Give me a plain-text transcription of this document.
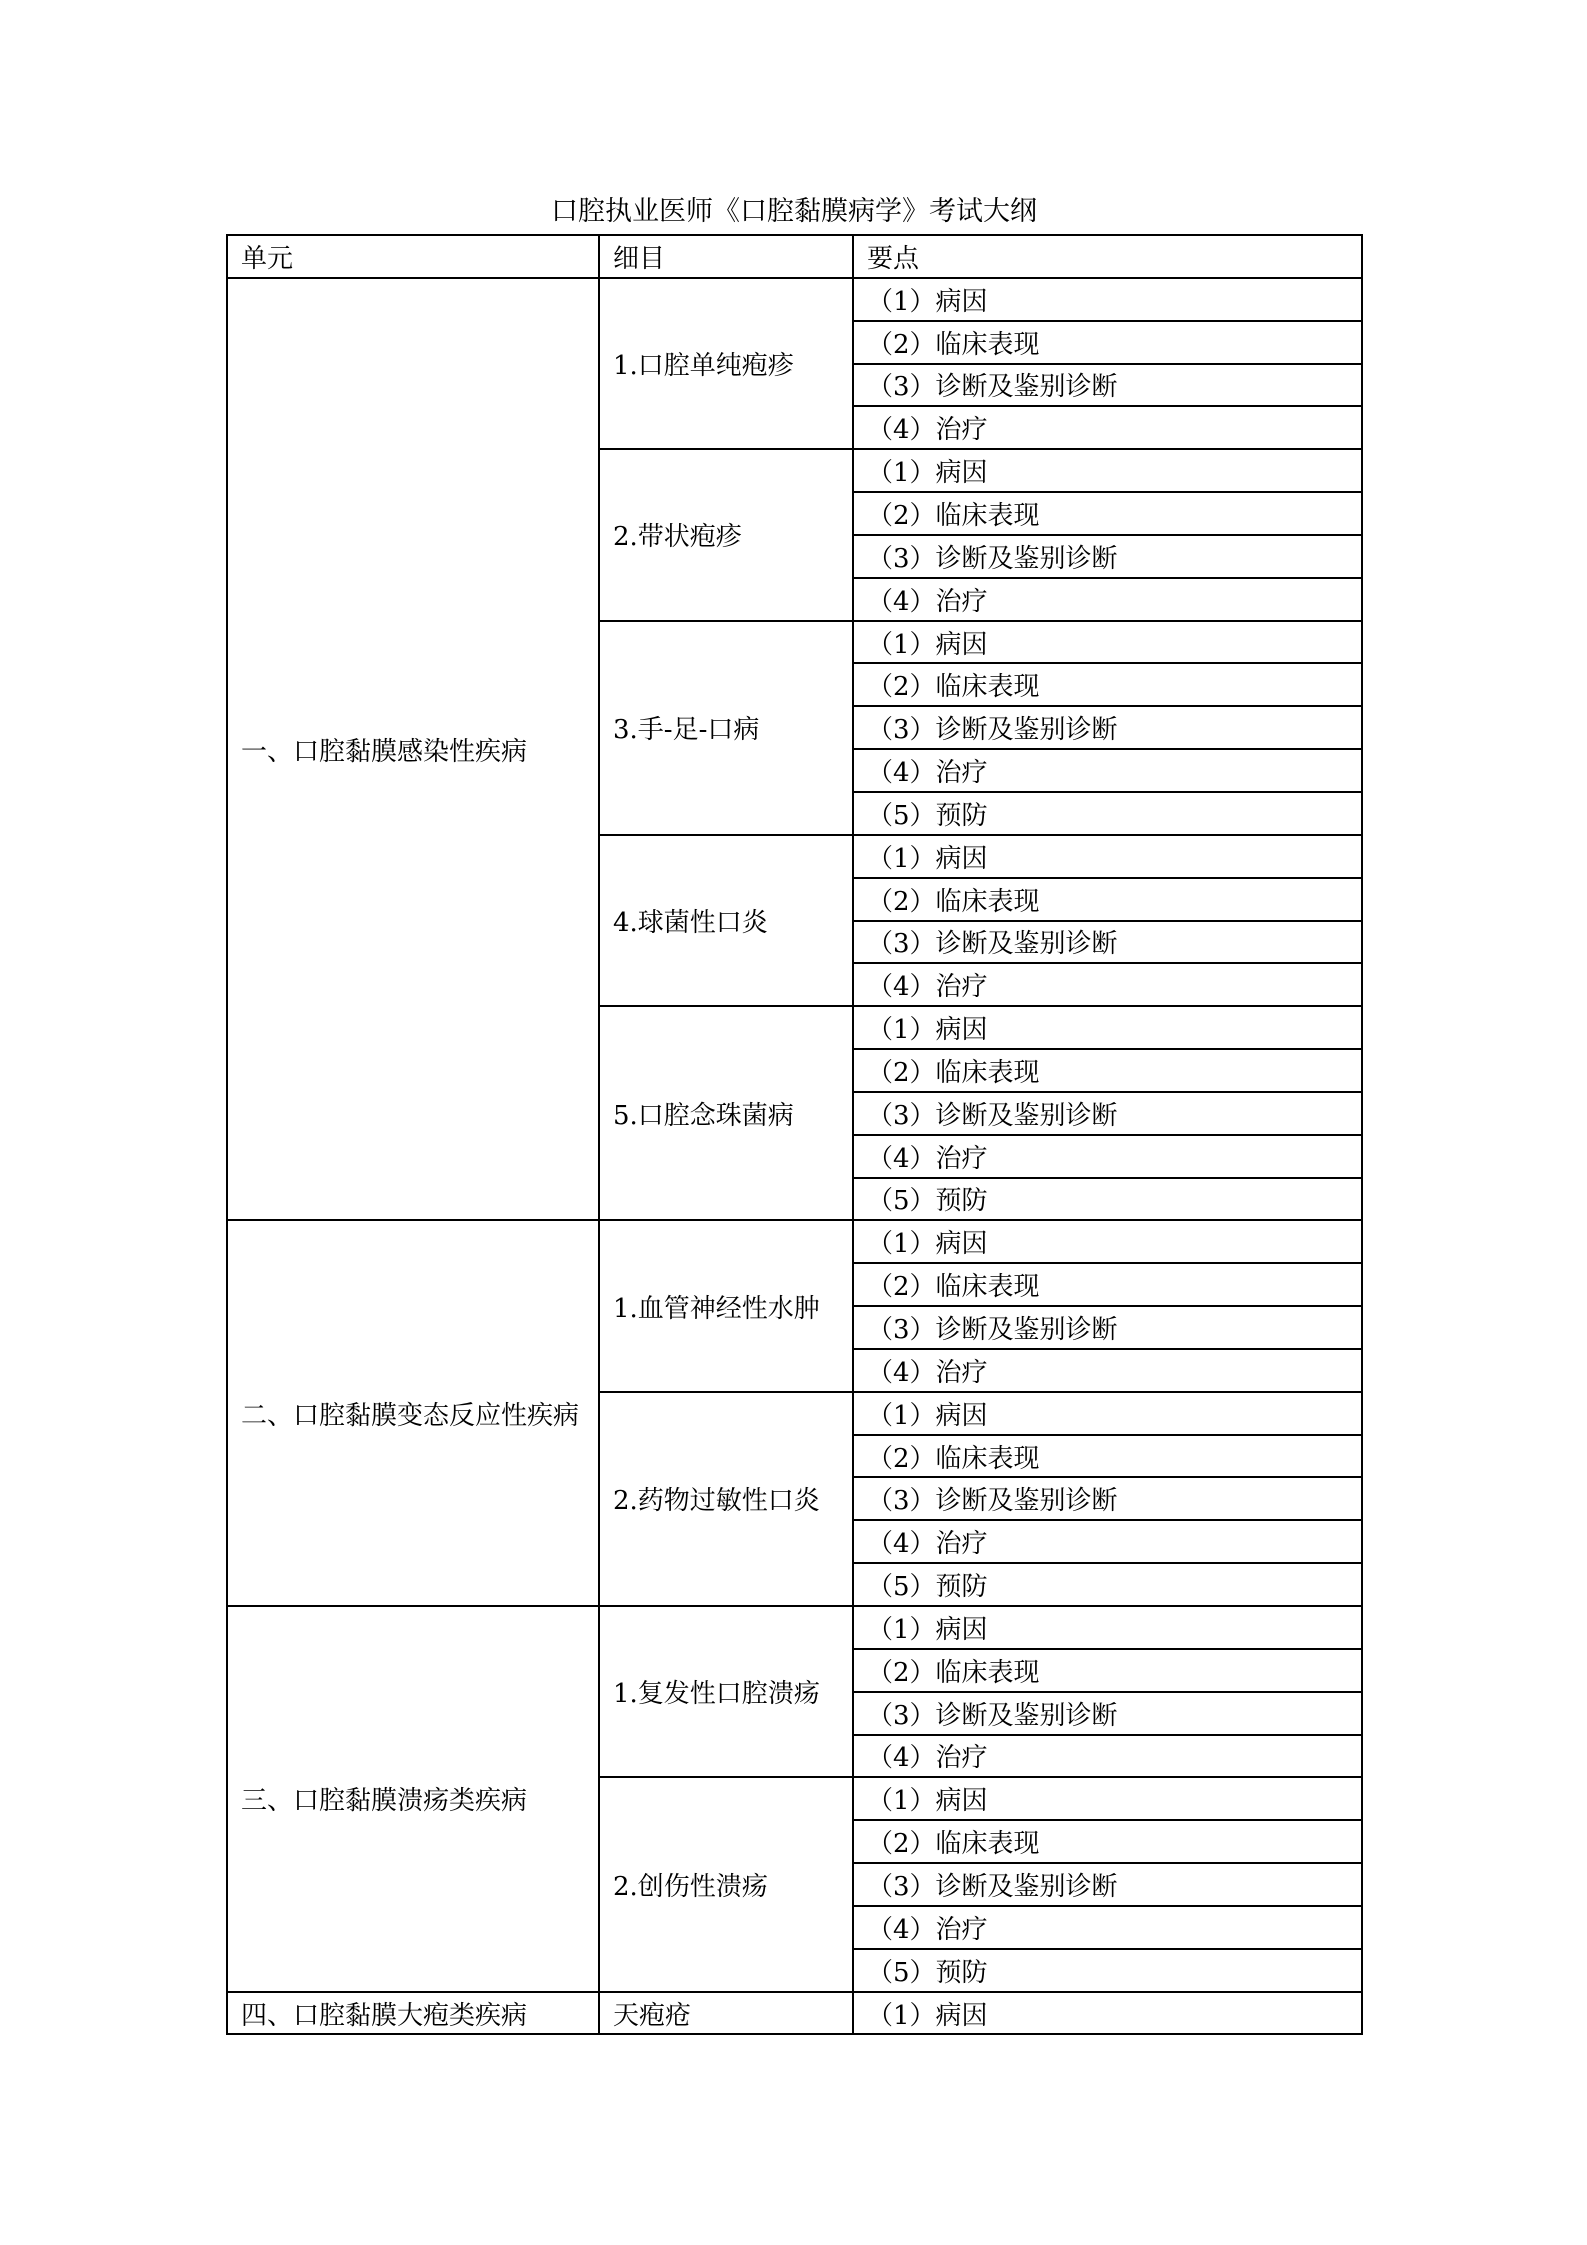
口腔执业医师《口腔黏膜病学》考试大纲
单元	细目	要点
一、口腔黏膜感染性疾病	1.口腔单纯疱疹	（1）病因
		（2）临床表现
		（3）诊断及鉴别诊断
		（4）治疗
	2.带状疱疹	（1）病因
		（2）临床表现
		（3）诊断及鉴别诊断
		（4）治疗
	3.手-足-口病	（1）病因
		（2）临床表现
		（3）诊断及鉴别诊断
		（4）治疗
		（5）预防
	4.球菌性口炎	（1）病因
		（2）临床表现
		（3）诊断及鉴别诊断
		（4）治疗
	5.口腔念珠菌病	（1）病因
		（2）临床表现
		（3）诊断及鉴别诊断
		（4）治疗
		（5）预防
二、口腔黏膜变态反应性疾病	1.血管神经性水肿	（1）病因
		（2）临床表现
		（3）诊断及鉴别诊断
		（4）治疗
	2.药物过敏性口炎	（1）病因
		（2）临床表现
		（3）诊断及鉴别诊断
		（4）治疗
		（5）预防
三、口腔黏膜溃疡类疾病	1.复发性口腔溃疡	（1）病因
		（2）临床表现
		（3）诊断及鉴别诊断
		（4）治疗
	2.创伤性溃疡	（1）病因
		（2）临床表现
		（3）诊断及鉴别诊断
		（4）治疗
		（5）预防
四、口腔黏膜大疱类疾病	天疱疮	（1）病因
